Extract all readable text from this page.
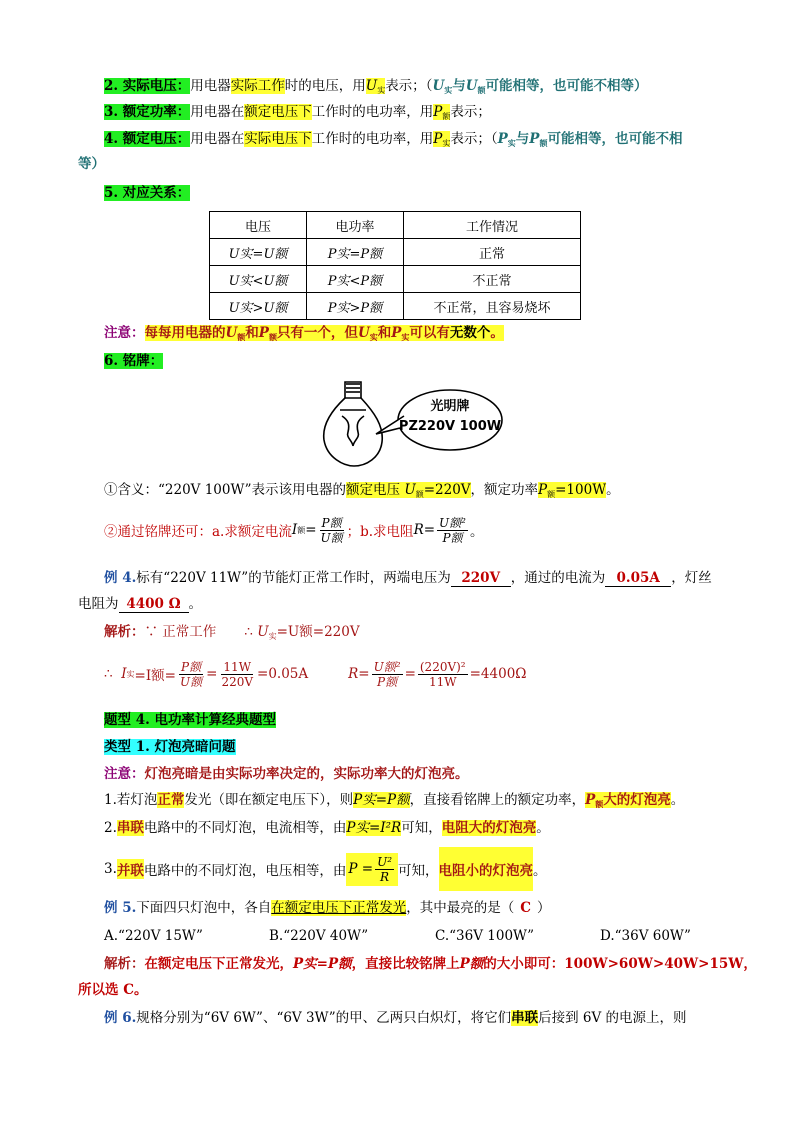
2. 实际电压：用电器实际工作时的电压，用$U_实$表示；（$U_实$与$U_额$可能相等，也可能不相等）
3. 额定功率：用电器在额定电压下工作时的电功率，用$P_额$表示；
4. 额定电压：用电器在实际电压下工作时的电功率，用$P_实$表示；（$P_实$与$P_额$可能相等，也可能不相
等）
5. 对应关系：
电压	电功率	工作情况
U实=U额	P实=P额	正常
U实<U额	P实<P额	不正常
U实>U额	P实>P额	不正常，且容易烧坏
注意：每每用电器的$U_额$和$P_额$只有一个，但$U_实$和$P_实$可以有无数个。
6. 铭牌：
光明牌
PZ220V 100W
①含义：“220V 100W”表示该用电器的额定电压 $U_额=220V$，额定功率$P_额=100W$。
②通过铭牌还可：a.求额定电流 I 额 = $\frac{\text{P额}}{\text{U额}}$ ；b.求电阻 $R = \frac{\text{U额²}}{\text{P额}}$ 。
例 4.标有“220V 11W”的节能灯正常工作时，两端电压为 220V ，通过的电流为 0.05A ，灯丝
电阻为 4400 Ω 。
解析：∵ 正常工作 ∴ $U_实=U$额=220V
∴
I 实 =I额= $\frac{\text{P额}}{\text{U额}} = \frac{11W}{220V} =0.05A$	$R= \frac{\text{U额²}}{\text{P额}} = \frac{\text{(220V)²}}{11W} =4400\Omega$
题型 4. 电功率计算经典题型
类型 1. 灯泡亮暗问题
注意：灯泡亮暗是由实际功率决定的，实际功率大的灯泡亮。
1.若灯泡正常发光（即在额定电压下），则P实=P额，直接看铭牌上的额定功率，$P_额$大的灯泡亮。
2.串联电路中的不同灯泡，电流相等，由P实=I²R可知，电阻大的灯泡亮。
3. 并联 电路中的不同灯泡，电压相等，由 $P = \frac{\text{U²}}{R}$ 可知， 电阻小的灯泡亮 。
例 5.下面四只灯泡中，各自在额定电压下正常发光，其中最亮的是（ C ）
A.“220V 15W”	B.“220V 40W”	C.“36V 100W”	D.“36V 60W”
解析：在额定电压下正常发光，P实=P额，直接比较铭牌上P额的大小即可：100W>60W>40W>15W，
所以选 C。
例 6.规格分别为“6V 6W”、“6V 3W”的甲、乙两只白炽灯，将它们串联后接到 6V 的电源上，则
